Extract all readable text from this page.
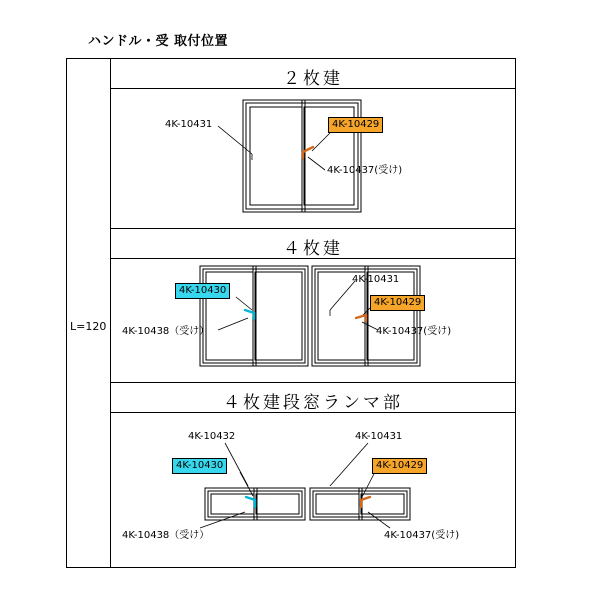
ハンドル・受 取付位置
L=120
２枚建
４枚建
４枚建段窓ランマ部
4K-10431	4K-10429
4K-10437(受け)
4K-10430
4K-10431
4K-10429
4K-10438（受け）	4K-10437(受け)
4K-10432	4K-10431
4K-10430	4K-10429
4K-10438（受け）	4K-10437(受け)
